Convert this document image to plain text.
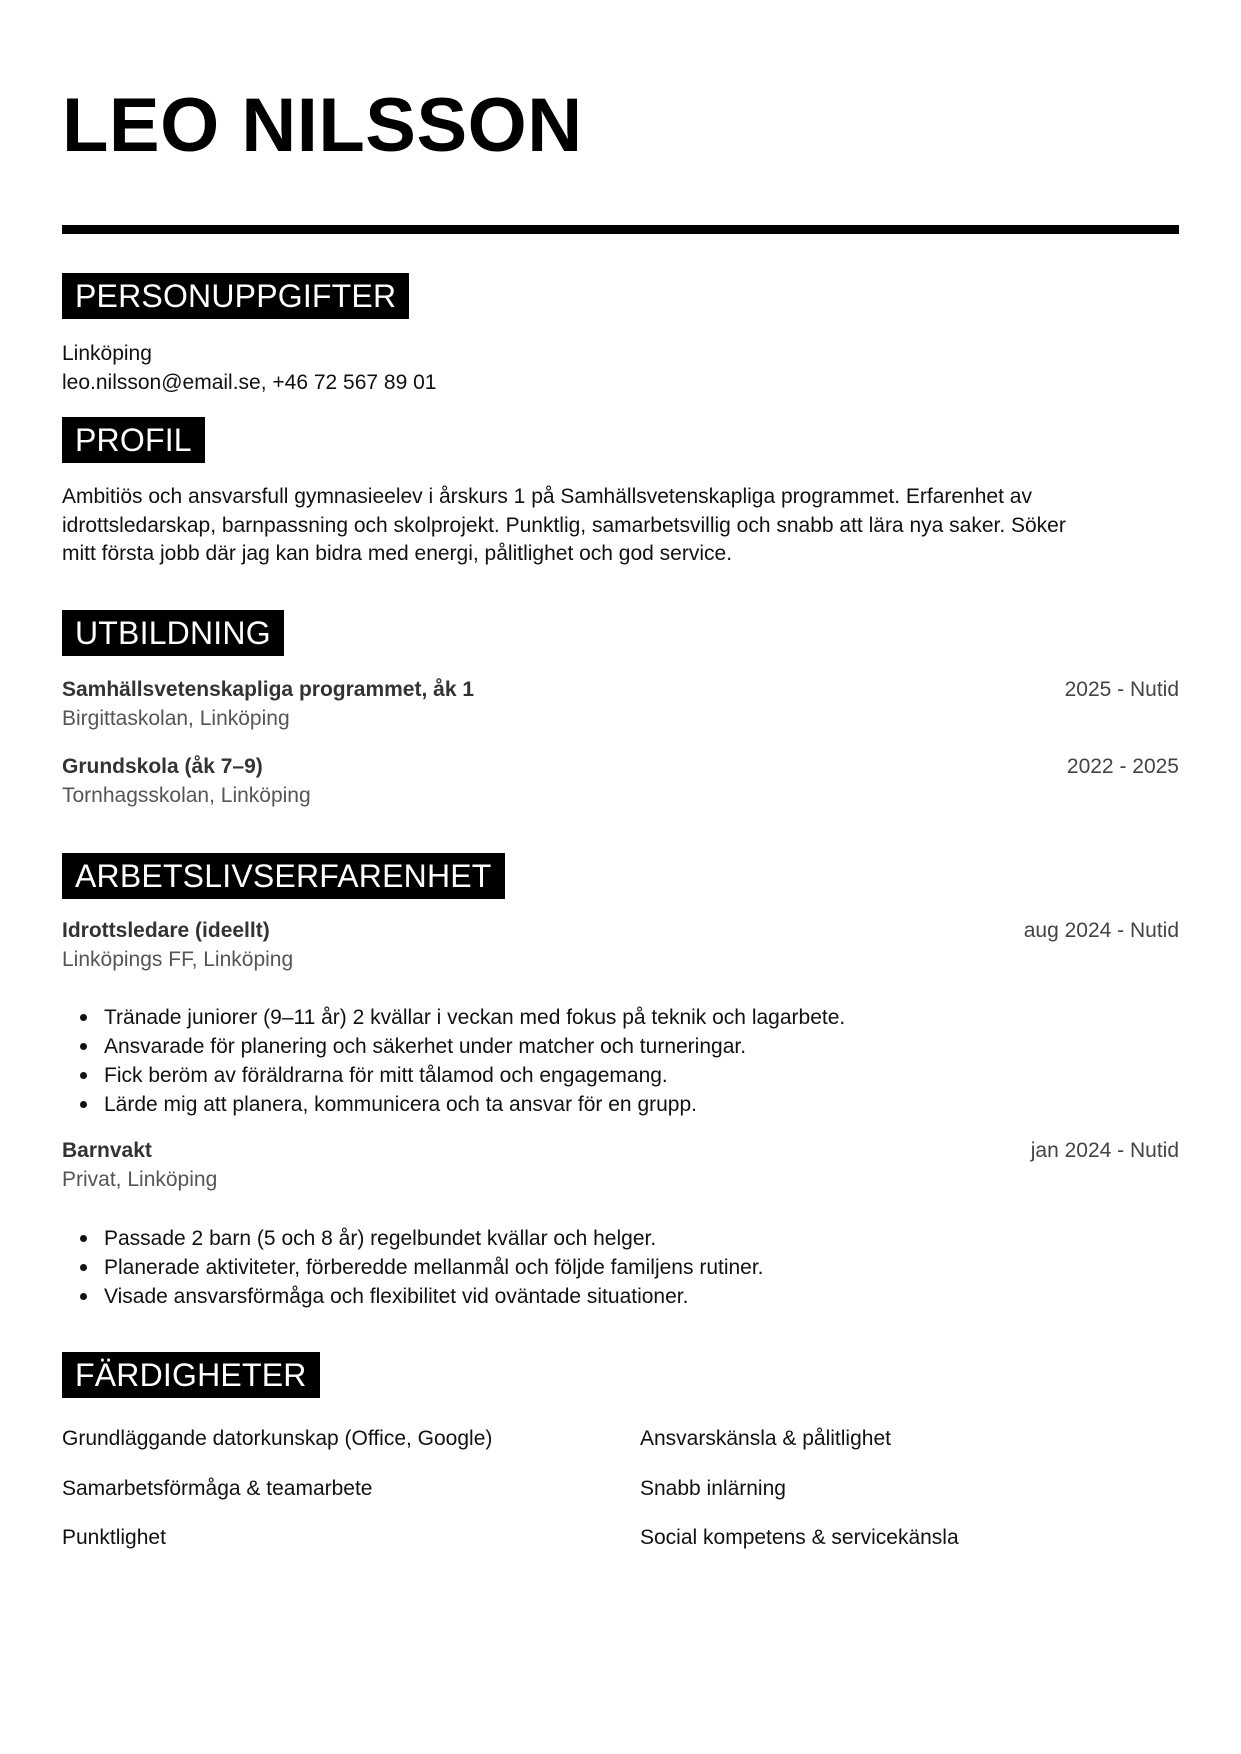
LEO NILSSON
PERSONUPPGIFTER
Linköping
leo.nilsson@email.se, +46 72 567 89 01
PROFIL
Ambitiös och ansvarsfull gymnasieelev i årskurs 1 på Samhällsvetenskapliga programmet. Erfarenhet av
idrottsledarskap, barnpassning och skolprojekt. Punktlig, samarbetsvillig och snabb att lära nya saker. Söker
mitt första jobb där jag kan bidra med energi, pålitlighet och god service.
UTBILDNING
Samhällsvetenskapliga programmet, åk 1	2025 - Nutid
Birgittaskolan, Linköping
Grundskola (åk 7–9)	2022 - 2025
Tornhagsskolan, Linköping
ARBETSLIVSERFARENHET
Idrottsledare (ideellt)	aug 2024 - Nutid
Linköpings FF, Linköping
Tränade juniorer (9–11 år) 2 kvällar i veckan med fokus på teknik och lagarbete.
Ansvarade för planering och säkerhet under matcher och turneringar.
Fick beröm av föräldrarna för mitt tålamod och engagemang.
Lärde mig att planera, kommunicera och ta ansvar för en grupp.
Barnvakt	jan 2024 - Nutid
Privat, Linköping
Passade 2 barn (5 och 8 år) regelbundet kvällar och helger.
Planerade aktiviteter, förberedde mellanmål och följde familjens rutiner.
Visade ansvarsförmåga och flexibilitet vid oväntade situationer.
FÄRDIGHETER
Grundläggande datorkunskap (Office, Google)	Ansvarskänsla & pålitlighet
Samarbetsförmåga & teamarbete	Snabb inlärning
Punktlighet	Social kompetens & servicekänsla
